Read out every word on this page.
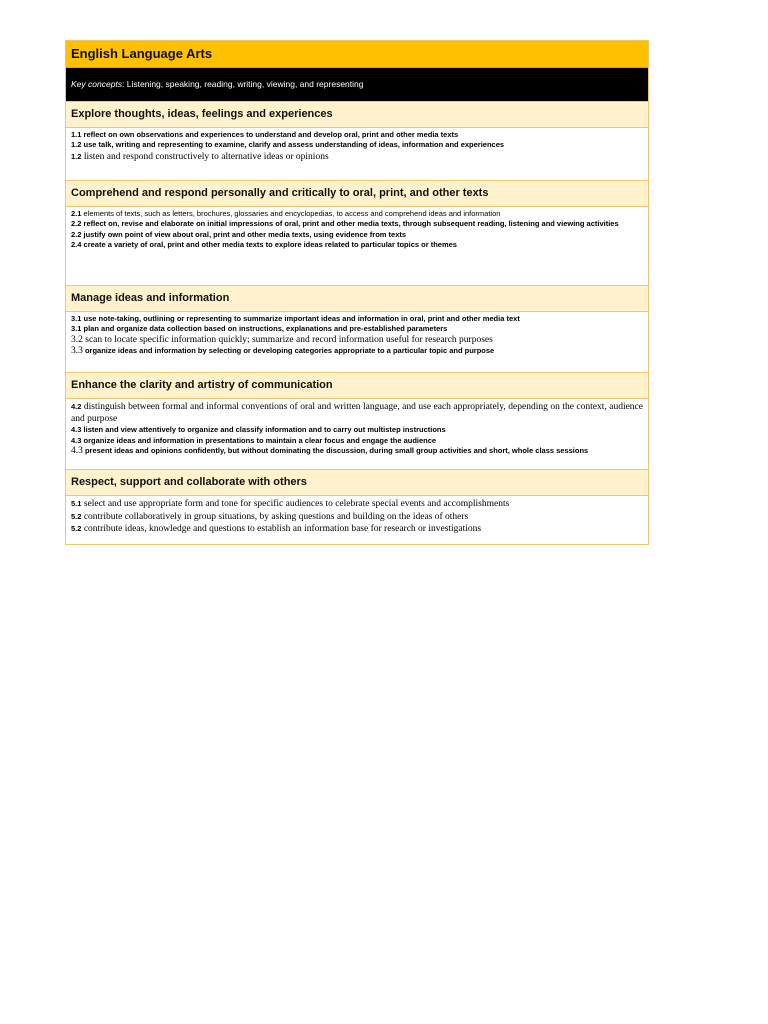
English Language Arts
Key concepts: Listening, speaking, reading, writing, viewing, and representing
Explore thoughts, ideas, feelings and experiences
1.1 reflect on own observations and experiences to understand and develop oral, print and other media texts
1.2 use talk, writing and representing to examine, clarify and assess understanding of ideas, information and experiences
1.2 listen and respond constructively to alternative ideas or opinions
Comprehend and respond personally and critically to oral, print, and other texts
2.1 elements of texts, such as letters, brochures, glossaries and encyclopedias, to access and comprehend ideas and information
2.2 reflect on, revise and elaborate on initial impressions of oral, print and other media texts, through subsequent reading, listening and viewing activities
2.2 justify own point of view about oral, print and other media texts, using evidence from texts
2.4 create a variety of oral, print and other media texts to explore ideas related to particular topics or themes
Manage ideas and information
3.1 use note-taking, outlining or representing to summarize important ideas and information in oral, print and other media text
3.1 plan and organize data collection based on instructions, explanations and pre-established parameters
3.2 scan to locate specific information quickly; summarize and record information useful for research purposes
3.3 organize ideas and information by selecting or developing categories appropriate to a particular topic and purpose
Enhance the clarity and artistry of communication
4.2 distinguish between formal and informal conventions of oral and written language, and use each appropriately, depending on the context, audience and purpose
4.3 listen and view attentively to organize and classify information and to carry out multistep instructions
4.3 organize ideas and information in presentations to maintain a clear focus and engage the audience
4.3 present ideas and opinions confidently, but without dominating the discussion, during small group activities and short, whole class sessions
Respect, support and collaborate with others
5.1 select and use appropriate form and tone for specific audiences to celebrate special events and accomplishments
5.2 contribute collaboratively in group situations, by asking questions and building on the ideas of others
5.2 contribute ideas, knowledge and questions to establish an information base for research or investigations
